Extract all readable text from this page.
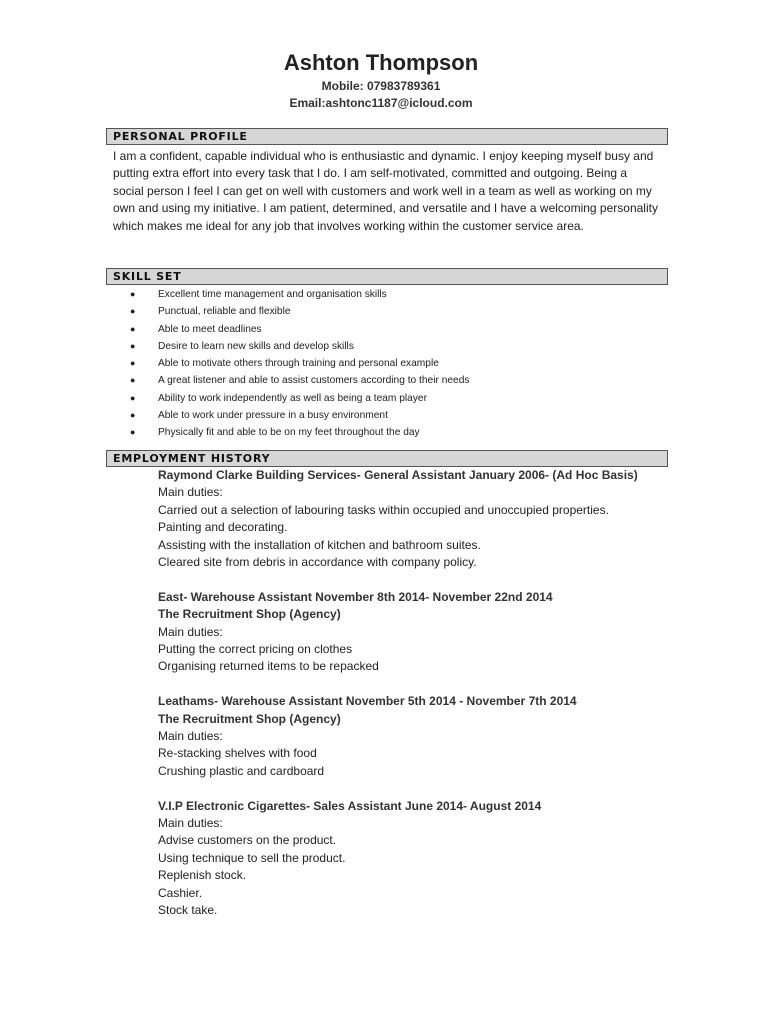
Ashton Thompson
Mobile: 07983789361
Email:ashtonc1187@icloud.com
PERSONAL PROFILE
I am a confident, capable individual who is enthusiastic and dynamic. I enjoy keeping myself busy and putting extra effort into every task that I do. I am self-motivated, committed and outgoing. Being a social person I feel I can get on well with customers and work well in a team as well as working on my own and using my initiative. I am patient, determined, and versatile and I have a welcoming personality which makes me ideal for any job that involves working within the customer service area.
SKILL SET
● Excellent time management and organisation skills
● Punctual, reliable and flexible
● Able to meet deadlines
● Desire to learn new skills and develop skills
● Able to motivate others through training and personal example
● A great listener and able to assist customers according to their needs
● Ability to work independently as well as being a team player
● Able to work under pressure in a busy environment
● Physically fit and able to be on my feet throughout the day
EMPLOYMENT HISTORY
Raymond Clarke Building Services- General Assistant January 2006- (Ad Hoc Basis)
Main duties:
Carried out a selection of labouring tasks within occupied and unoccupied properties.
Painting and decorating.
Assisting with the installation of kitchen and bathroom suites.
Cleared site from debris in accordance with company policy.
East- Warehouse Assistant November 8th 2014- November 22nd 2014
The Recruitment Shop (Agency)
Main duties:
Putting the correct pricing on clothes
Organising returned items to be repacked
Leathams- Warehouse Assistant November 5th 2014 - November 7th 2014
The Recruitment Shop (Agency)
Main duties:
Re-stacking shelves with food
Crushing plastic and cardboard
V.I.P Electronic Cigarettes- Sales Assistant June 2014- August 2014
Main duties:
Advise customers on the product.
Using technique to sell the product.
Replenish stock.
Cashier.
Stock take.
